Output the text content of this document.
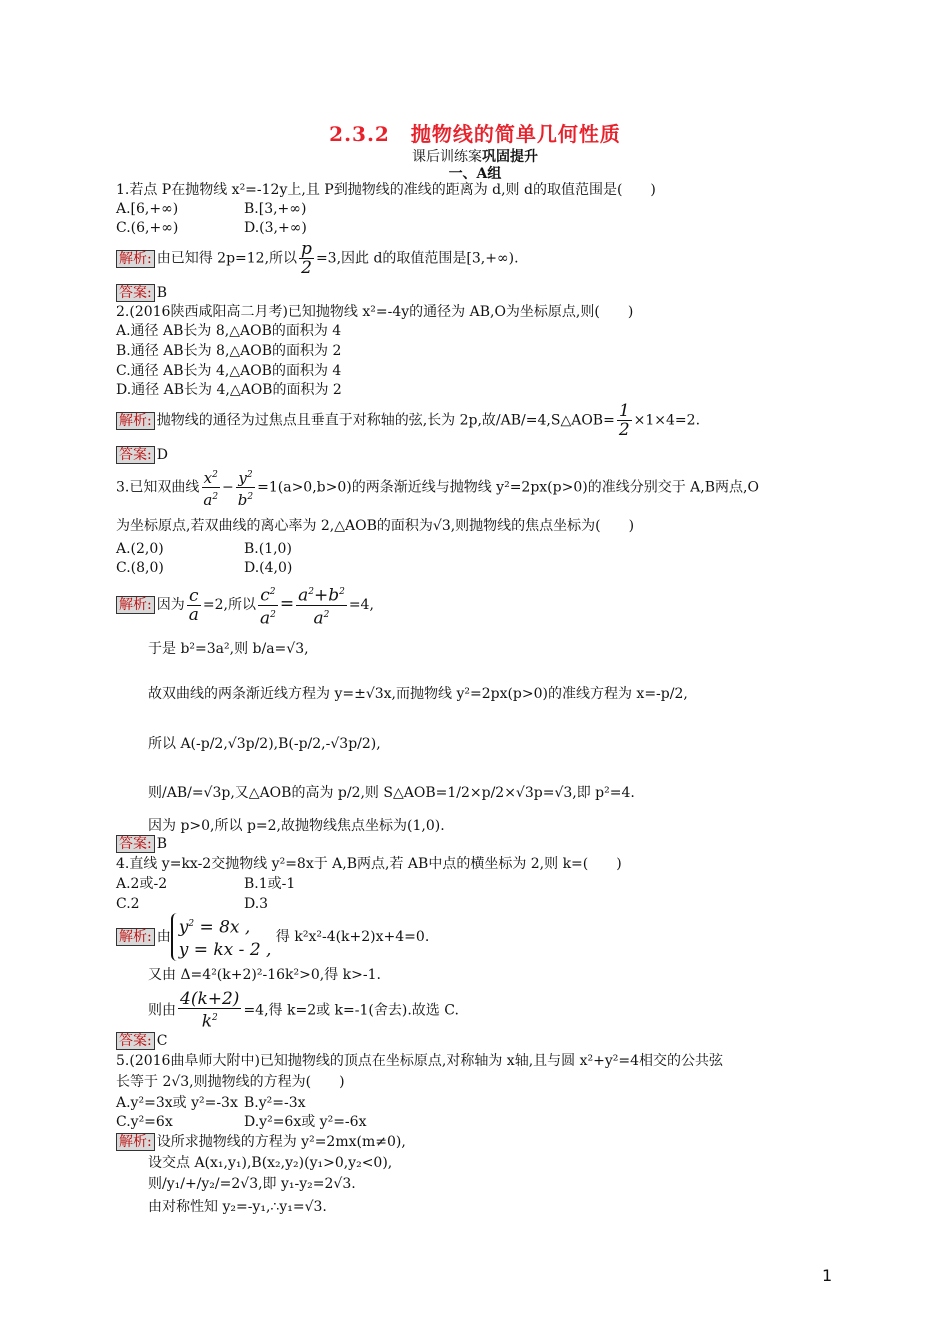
2.3.2　抛物线的简单几何性质
课后训练案巩固提升
一、A组
1.若点 P在抛物线 x²=-12y上,且 P到抛物线的准线的距离为 d,则 d的取值范围是(　　)
A.[6,+∞)	B.[3,+∞)
C.(6,+∞)	D.(3,+∞)
解析: 由已知得 2p=12,所以 $\frac{p}{2} =3$,因此 d的取值范围是[3,+∞).
答案: B
2.(2016陕西咸阳高二月考)已知抛物线 x²=-4y的通径为 AB,O为坐标原点,则(　　)
A.通径 AB长为 8,△AOB的面积为 4
B.通径 AB长为 8,△AOB的面积为 2
C.通径 AB长为 4,△AOB的面积为 4
D.通径 AB长为 4,△AOB的面积为 2
解析: 抛物线的通径为过焦点且垂直于对称轴的弦,长为 2p,故/AB/=4,S△AOB= $\frac{1}{2} \times 1\times 4=2$.
答案: D
3.已知双曲线 $\frac{x^2}{a^2} - \frac{y^2}{b^2} =1(a>0,b>0)$的两条渐近线与抛物线 y²=2px(p>0)的准线分别交于 A,B两点,O
为坐标原点,若双曲线的离心率为 2,△AOB的面积为√3,则抛物线的焦点坐标为(　　)
A.(2,0)	B.(1,0)
C.(8,0)	D.(4,0)
解析: 因为 $\frac{c}{a} =2$,所以 $\frac{c^2}{a^2} = \frac{a^2+b^2}{a^2} =4$,
于是 b²=3a²,则 b/a=√3,
故双曲线的两条渐近线方程为 y=±√3x,而抛物线 y²=2px(p>0)的准线方程为 x=-p/2,
所以 A(-p/2,√3p/2),B(-p/2,-√3p/2),
则/AB/=√3p,又△AOB的高为 p/2,则 S△AOB=1/2×p/2×√3p=√3,即 p²=4.
因为 p>0,所以 p=2,故抛物线焦点坐标为(1,0).
答案: B
4.直线 y=kx-2交抛物线 y²=8x于 A,B两点,若 AB中点的横坐标为 2,则 k=(　　)
A.2或-2	B.1或-1
C.2	D.3
解析: 由 $y^2 = 8x$ ,
y = kx - 2 , 得 k²x²-4(k+2)x+4=0.
又由 Δ=4²(k+2)²-16k²>0,得 k>-1.
则由 $\frac{4(k+2)}{k^2} =4$,得 k=2或 k=-1(舍去).故选 C.
答案: C
5.(2016曲阜师大附中)已知抛物线的顶点在坐标原点,对称轴为 x轴,且与圆 x²+y²=4相交的公共弦
长等于 2√3,则抛物线的方程为(　　)
A.y²=3x或 y²=-3x B.y²=-3x
C.y²=6x	D.y²=6x或 y²=-6x
解析: 设所求抛物线的方程为 y²=2mx(m≠0),
设交点 A(x₁,y₁),B(x₂,y₂)(y₁>0,y₂<0),
则/y₁/+/y₂/=2√3,即 y₁-y₂=2√3.
由对称性知 y₂=-y₁,∴y₁=√3.
1
